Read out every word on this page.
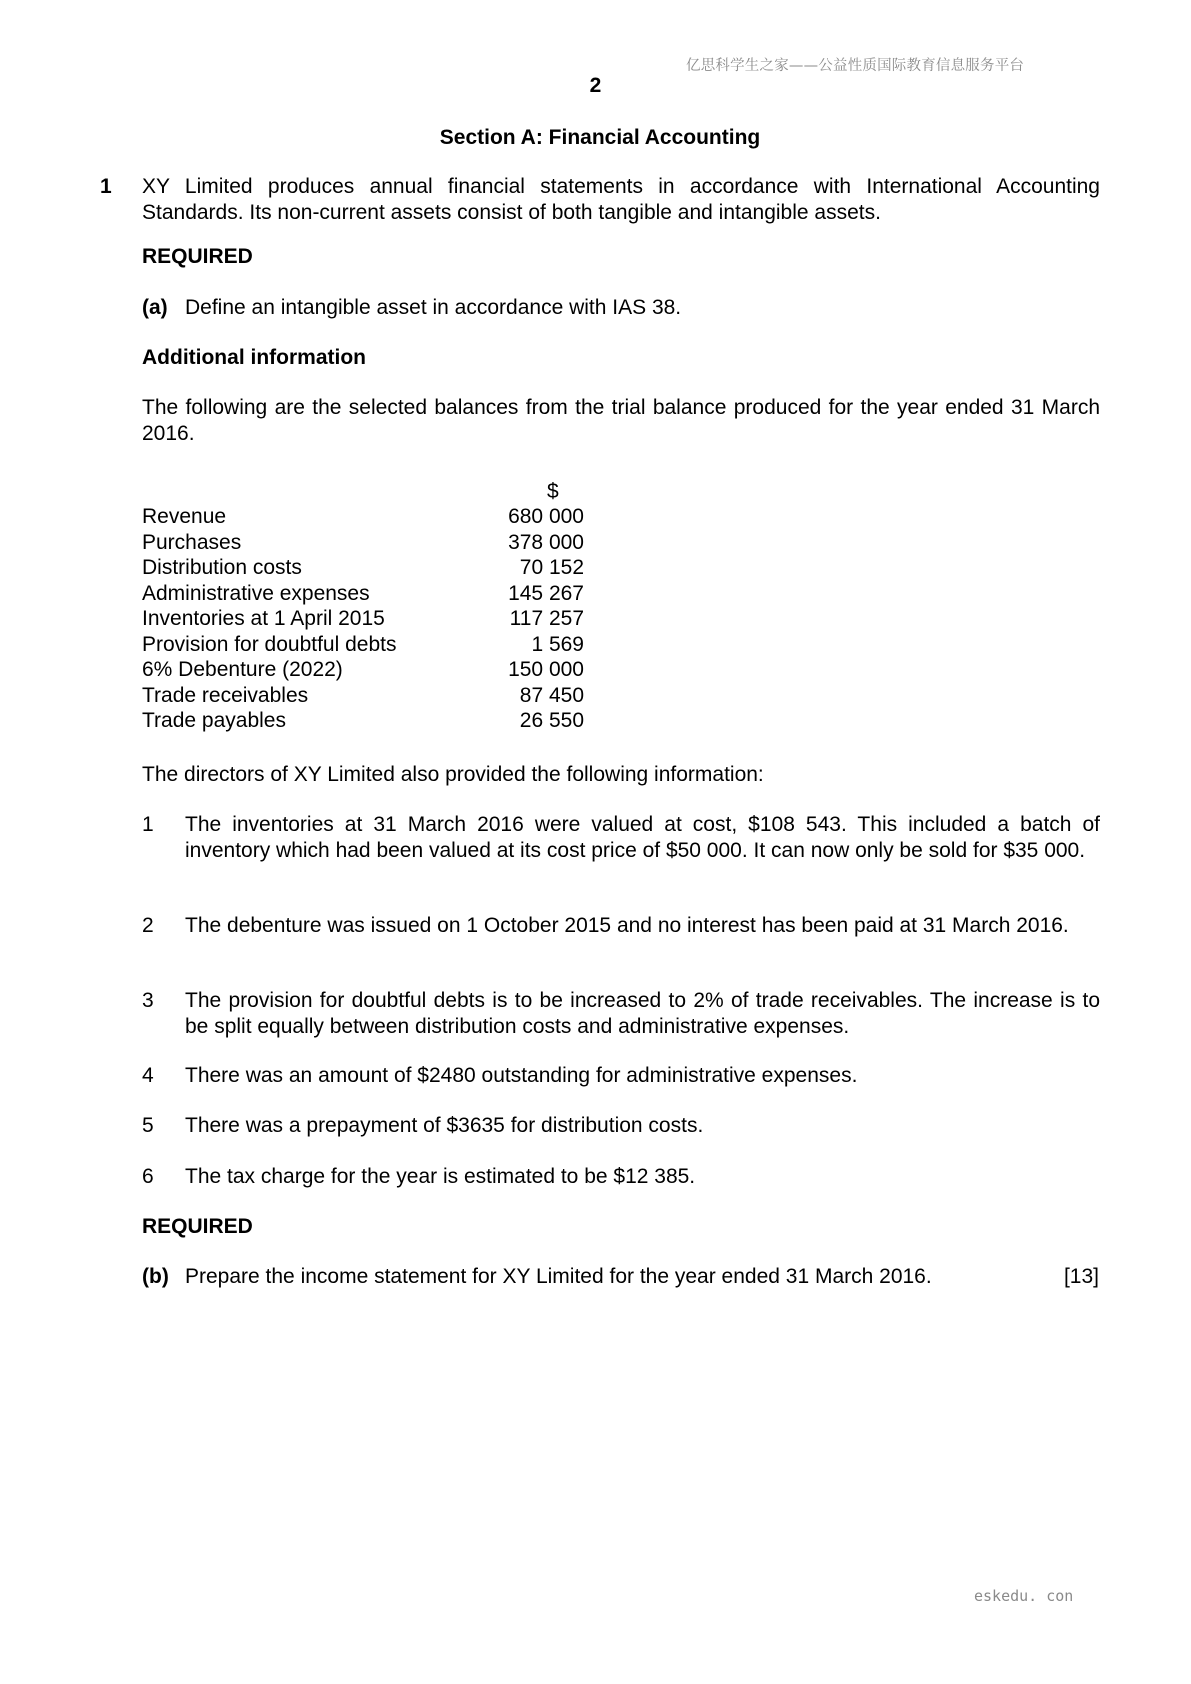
亿思科学生之家——公益性质国际教育信息服务平台
2
Section A: Financial Accounting
1 XY Limited produces annual financial statements in accordance with International Accounting Standards. Its non-current assets consist of both tangible and intangible assets.
REQUIRED
(a) Define an intangible asset in accordance with IAS 38.
Additional information
The following are the selected balances from the trial balance produced for the year ended 31 March 2016.
$
Revenue	680 000
Purchases	378 000
Distribution costs	70 152
Administrative expenses	145 267
Inventories at 1 April 2015	117 257
Provision for doubtful debts	1 569
6% Debenture (2022)	150 000
Trade receivables	87 450
Trade payables	26 550
The directors of XY Limited also provided the following information:
1 The inventories at 31 March 2016 were valued at cost, $108 543. This included a batch of inventory which had been valued at its cost price of $50 000. It can now only be sold for $35 000.
2 The debenture was issued on 1 October 2015 and no interest has been paid at 31 March 2016.
3 The provision for doubtful debts is to be increased to 2% of trade receivables. The increase is to be split equally between distribution costs and administrative expenses.
4 There was an amount of $2480 outstanding for administrative expenses.
5 There was a prepayment of $3635 for distribution costs.
6 The tax charge for the year is estimated to be $12 385.
REQUIRED
(b) Prepare the income statement for XY Limited for the year ended 31 March 2016.	[13]
eskedu. con
